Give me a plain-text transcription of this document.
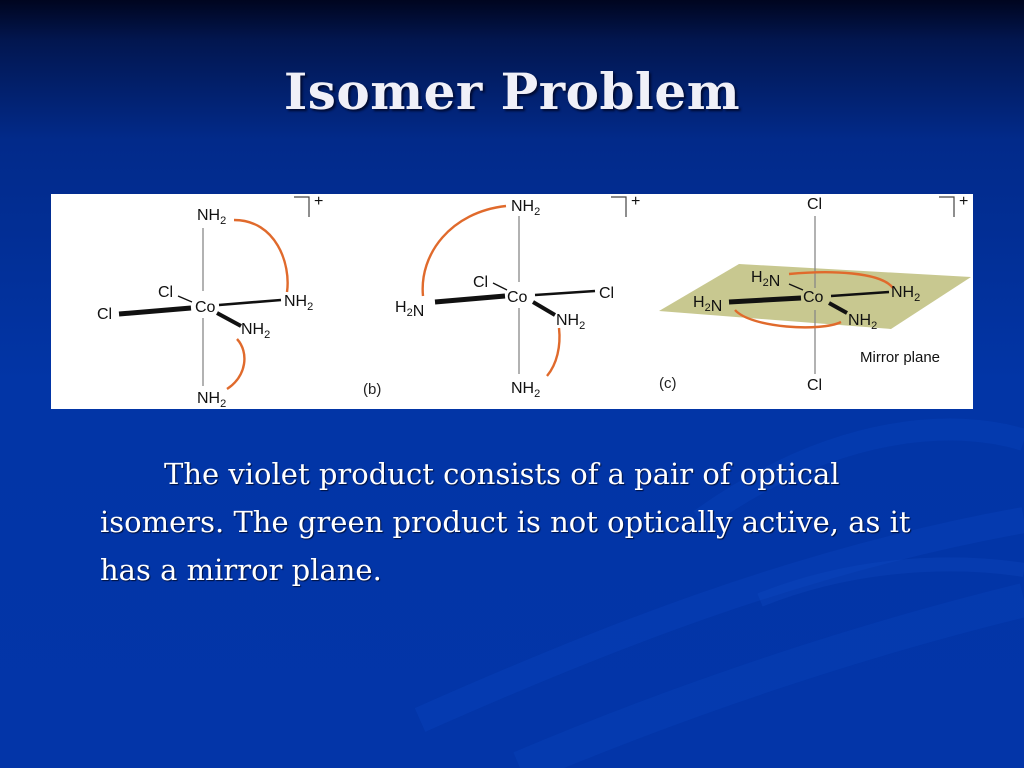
Isomer Problem
Co
$NH_2$
$NH_2$
$NH_2$
$NH_2$
Cl
Cl
+
Co
$NH_2$
$NH_2$
Cl
$NH_2$
$H_2N$
Cl
(b)
+
Co
Cl
Cl
$NH_2$
$NH_2$
$H_2N$
$H_2N$
Mirror plane
(c)
+
The violet product consists of a pair of optical isomers. The green product is not optically active, as it has a mirror plane.
